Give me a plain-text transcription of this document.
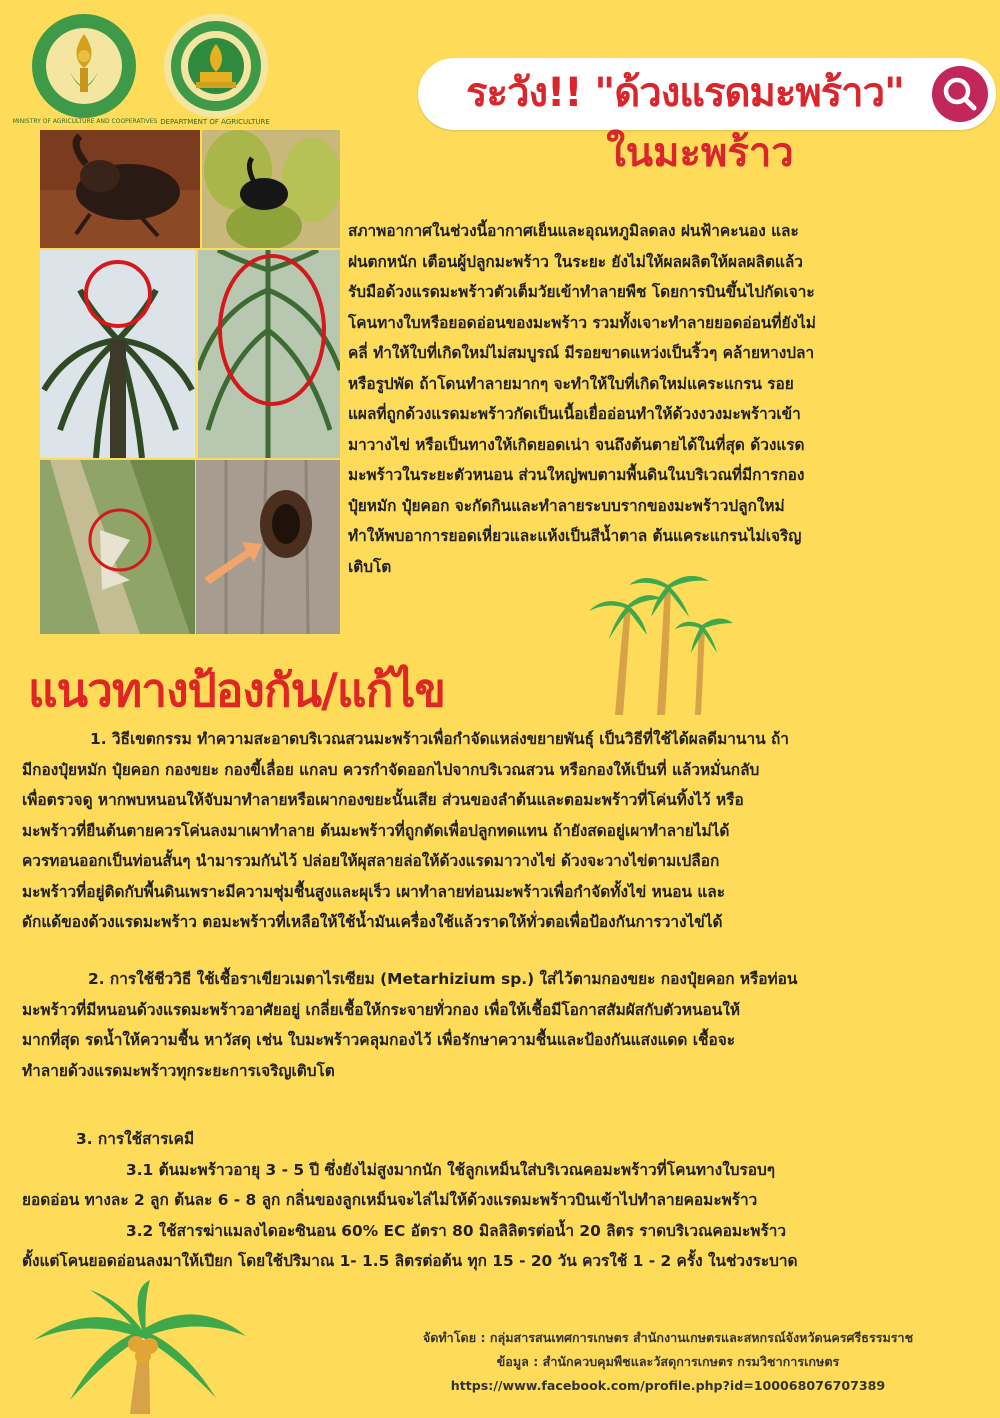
MINISTRY OF AGRICULTURE AND COOPERATIVES DEPARTMENT OF AGRICULTURE
ระวัง!! "ด้วงแรดมะพร้าว"
ในมะพร้าว
สภาพอากาศในช่วงนี้อากาศเย็นและอุณหภูมิลดลง ฝนฟ้าคะนอง และ
ฝนตกหนัก เตือนผู้ปลูกมะพร้าว ในระยะ ยังไม่ให้ผลผลิตให้ผลผลิตแล้ว
รับมือด้วงแรดมะพร้าวตัวเต็มวัยเข้าทำลายพืช โดยการบินขึ้นไปกัดเจาะ
โคนทางใบหรือยอดอ่อนของมะพร้าว รวมทั้งเจาะทำลายยอดอ่อนที่ยังไม่
คลี่ ทำให้ใบที่เกิดใหม่ไม่สมบูรณ์ มีรอยขาดแหว่งเป็นริ้วๆ คล้ายหางปลา
หรือรูปพัด ถ้าโดนทำลายมากๆ จะทำให้ใบที่เกิดใหม่แคระแกรน รอย
แผลที่ถูกด้วงแรดมะพร้าวกัดเป็นเนื้อเยื่ออ่อนทำให้ด้วงงวงมะพร้าวเข้า
มาวางไข่ หรือเป็นทางให้เกิดยอดเน่า จนถึงต้นตายได้ในที่สุด ด้วงแรด
มะพร้าวในระยะตัวหนอน ส่วนใหญ่พบตามพื้นดินในบริเวณที่มีการกอง
ปุ๋ยหมัก ปุ๋ยคอก จะกัดกินและทำลายระบบรากของมะพร้าวปลูกใหม่
ทำให้พบอาการยอดเหี่ยวและแห้งเป็นสีน้ำตาล ต้นแคระแกรนไม่เจริญ
เติบโต
แนวทางป้องกัน/แก้ไข
1. วิธีเขตกรรม ทำความสะอาดบริเวณสวนมะพร้าวเพื่อกำจัดแหล่งขยายพันธุ์ เป็นวิธีที่ใช้ได้ผลดีมานาน ถ้า
มีกองปุ๋ยหมัก ปุ๋ยคอก กองขยะ กองขี้เลื่อย แกลบ ควรกำจัดออกไปจากบริเวณสวน หรือกองให้เป็นที่ แล้วหมั่นกลับ
เพื่อตรวจดู หากพบหนอนให้จับมาทำลายหรือเผากองขยะนั้นเสีย ส่วนของลำต้นและตอมะพร้าวที่โค่นทิ้งไว้ หรือ
มะพร้าวที่ยืนต้นตายควรโค่นลงมาเผาทำลาย ต้นมะพร้าวที่ถูกตัดเพื่อปลูกทดแทน ถ้ายังสดอยู่เผาทำลายไม่ได้
ควรทอนออกเป็นท่อนสั้นๆ นำมารวมกันไว้ ปล่อยให้ผุสลายล่อให้ด้วงแรดมาวางไข่ ด้วงจะวางไข่ตามเปลือก
มะพร้าวที่อยู่ติดกับพื้นดินเพราะมีความชุ่มชื้นสูงและผุเร็ว เผาทำลายท่อนมะพร้าวเพื่อกำจัดทั้งไข่ หนอน และ
ดักแด้ของด้วงแรดมะพร้าว ตอมะพร้าวที่เหลือให้ใช้น้ำมันเครื่องใช้แล้วราดให้ทั่วตอเพื่อป้องกันการวางไข่ได้
2. การใช้ชีววิธี ใช้เชื้อราเขียวเมตาไรเซียม (Metarhizium sp.) ใส่ไว้ตามกองขยะ กองปุ๋ยคอก หรือท่อน
มะพร้าวที่มีหนอนด้วงแรดมะพร้าวอาศัยอยู่ เกลี่ยเชื้อให้กระจายทั่วกอง เพื่อให้เชื้อมีโอกาสสัมผัสกับตัวหนอนให้
มากที่สุด รดน้ำให้ความชื้น หาวัสดุ เช่น ใบมะพร้าวคลุมกองไว้ เพื่อรักษาความชื้นและป้องกันแสงแดด เชื้อจะ
ทำลายด้วงแรดมะพร้าวทุกระยะการเจริญเติบโต
3. การใช้สารเคมี
3.1 ต้นมะพร้าวอายุ 3 - 5 ปี ซึ่งยังไม่สูงมากนัก ใช้ลูกเหม็นใส่บริเวณคอมะพร้าวที่โคนทางใบรอบๆ
ยอดอ่อน ทางละ 2 ลูก ต้นละ 6 - 8 ลูก กลิ่นของลูกเหม็นจะไล่ไม่ให้ด้วงแรดมะพร้าวบินเข้าไปทำลายคอมะพร้าว
3.2 ใช้สารฆ่าแมลงไดอะซินอน 60% EC อัตรา 80 มิลลิลิตรต่อน้ำ 20 ลิตร ราดบริเวณคอมะพร้าว
ตั้งแต่โคนยอดอ่อนลงมาให้เปียก โดยใช้ปริมาณ 1- 1.5 ลิตรต่อต้น ทุก 15 - 20 วัน ควรใช้ 1 - 2 ครั้ง ในช่วงระบาด
จัดทำโดย : กลุ่มสารสนเทศการเกษตร สำนักงานเกษตรและสหกรณ์จังหวัดนครศรีธรรมราช
ข้อมูล : สำนักควบคุมพืชและวัสดุการเกษตร กรมวิชาการเกษตร
https://www.facebook.com/profile.php?id=100068076707389
